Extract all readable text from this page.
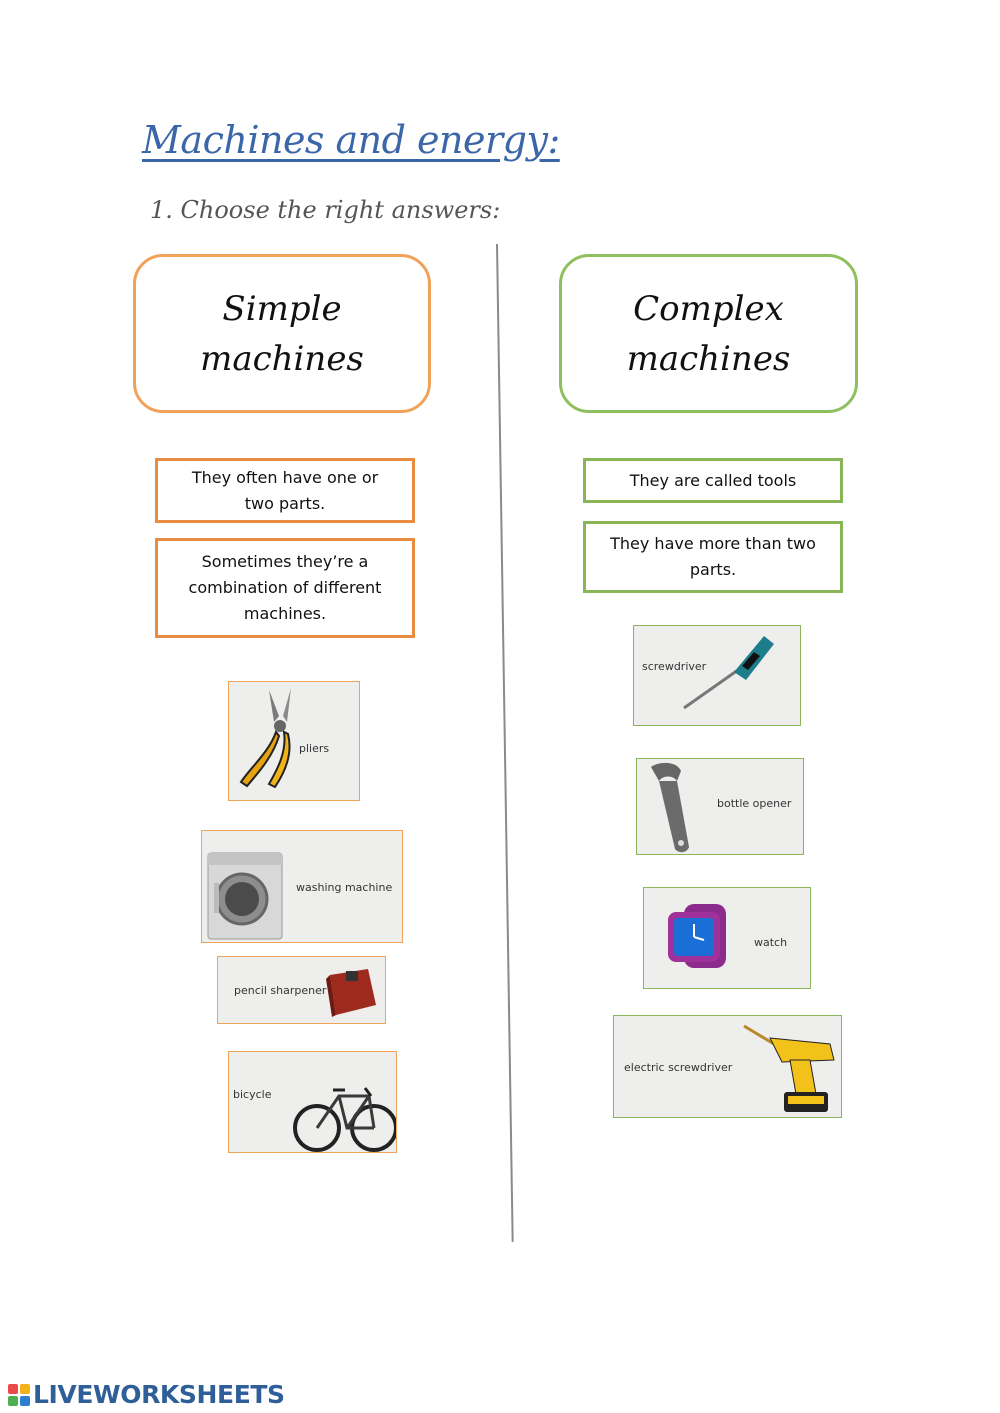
Machines and energy:
1. Choose the right answers:
Simple
machines
Complex
machines
They often have one or two parts.
Sometimes they’re a combination of different machines.
They are called tools
They have more than two parts.
pliers
washing machine
pencil sharpener
bicycle
screwdriver
bottle opener
watch
electric screwdriver
LIVEWORKSHEETS
